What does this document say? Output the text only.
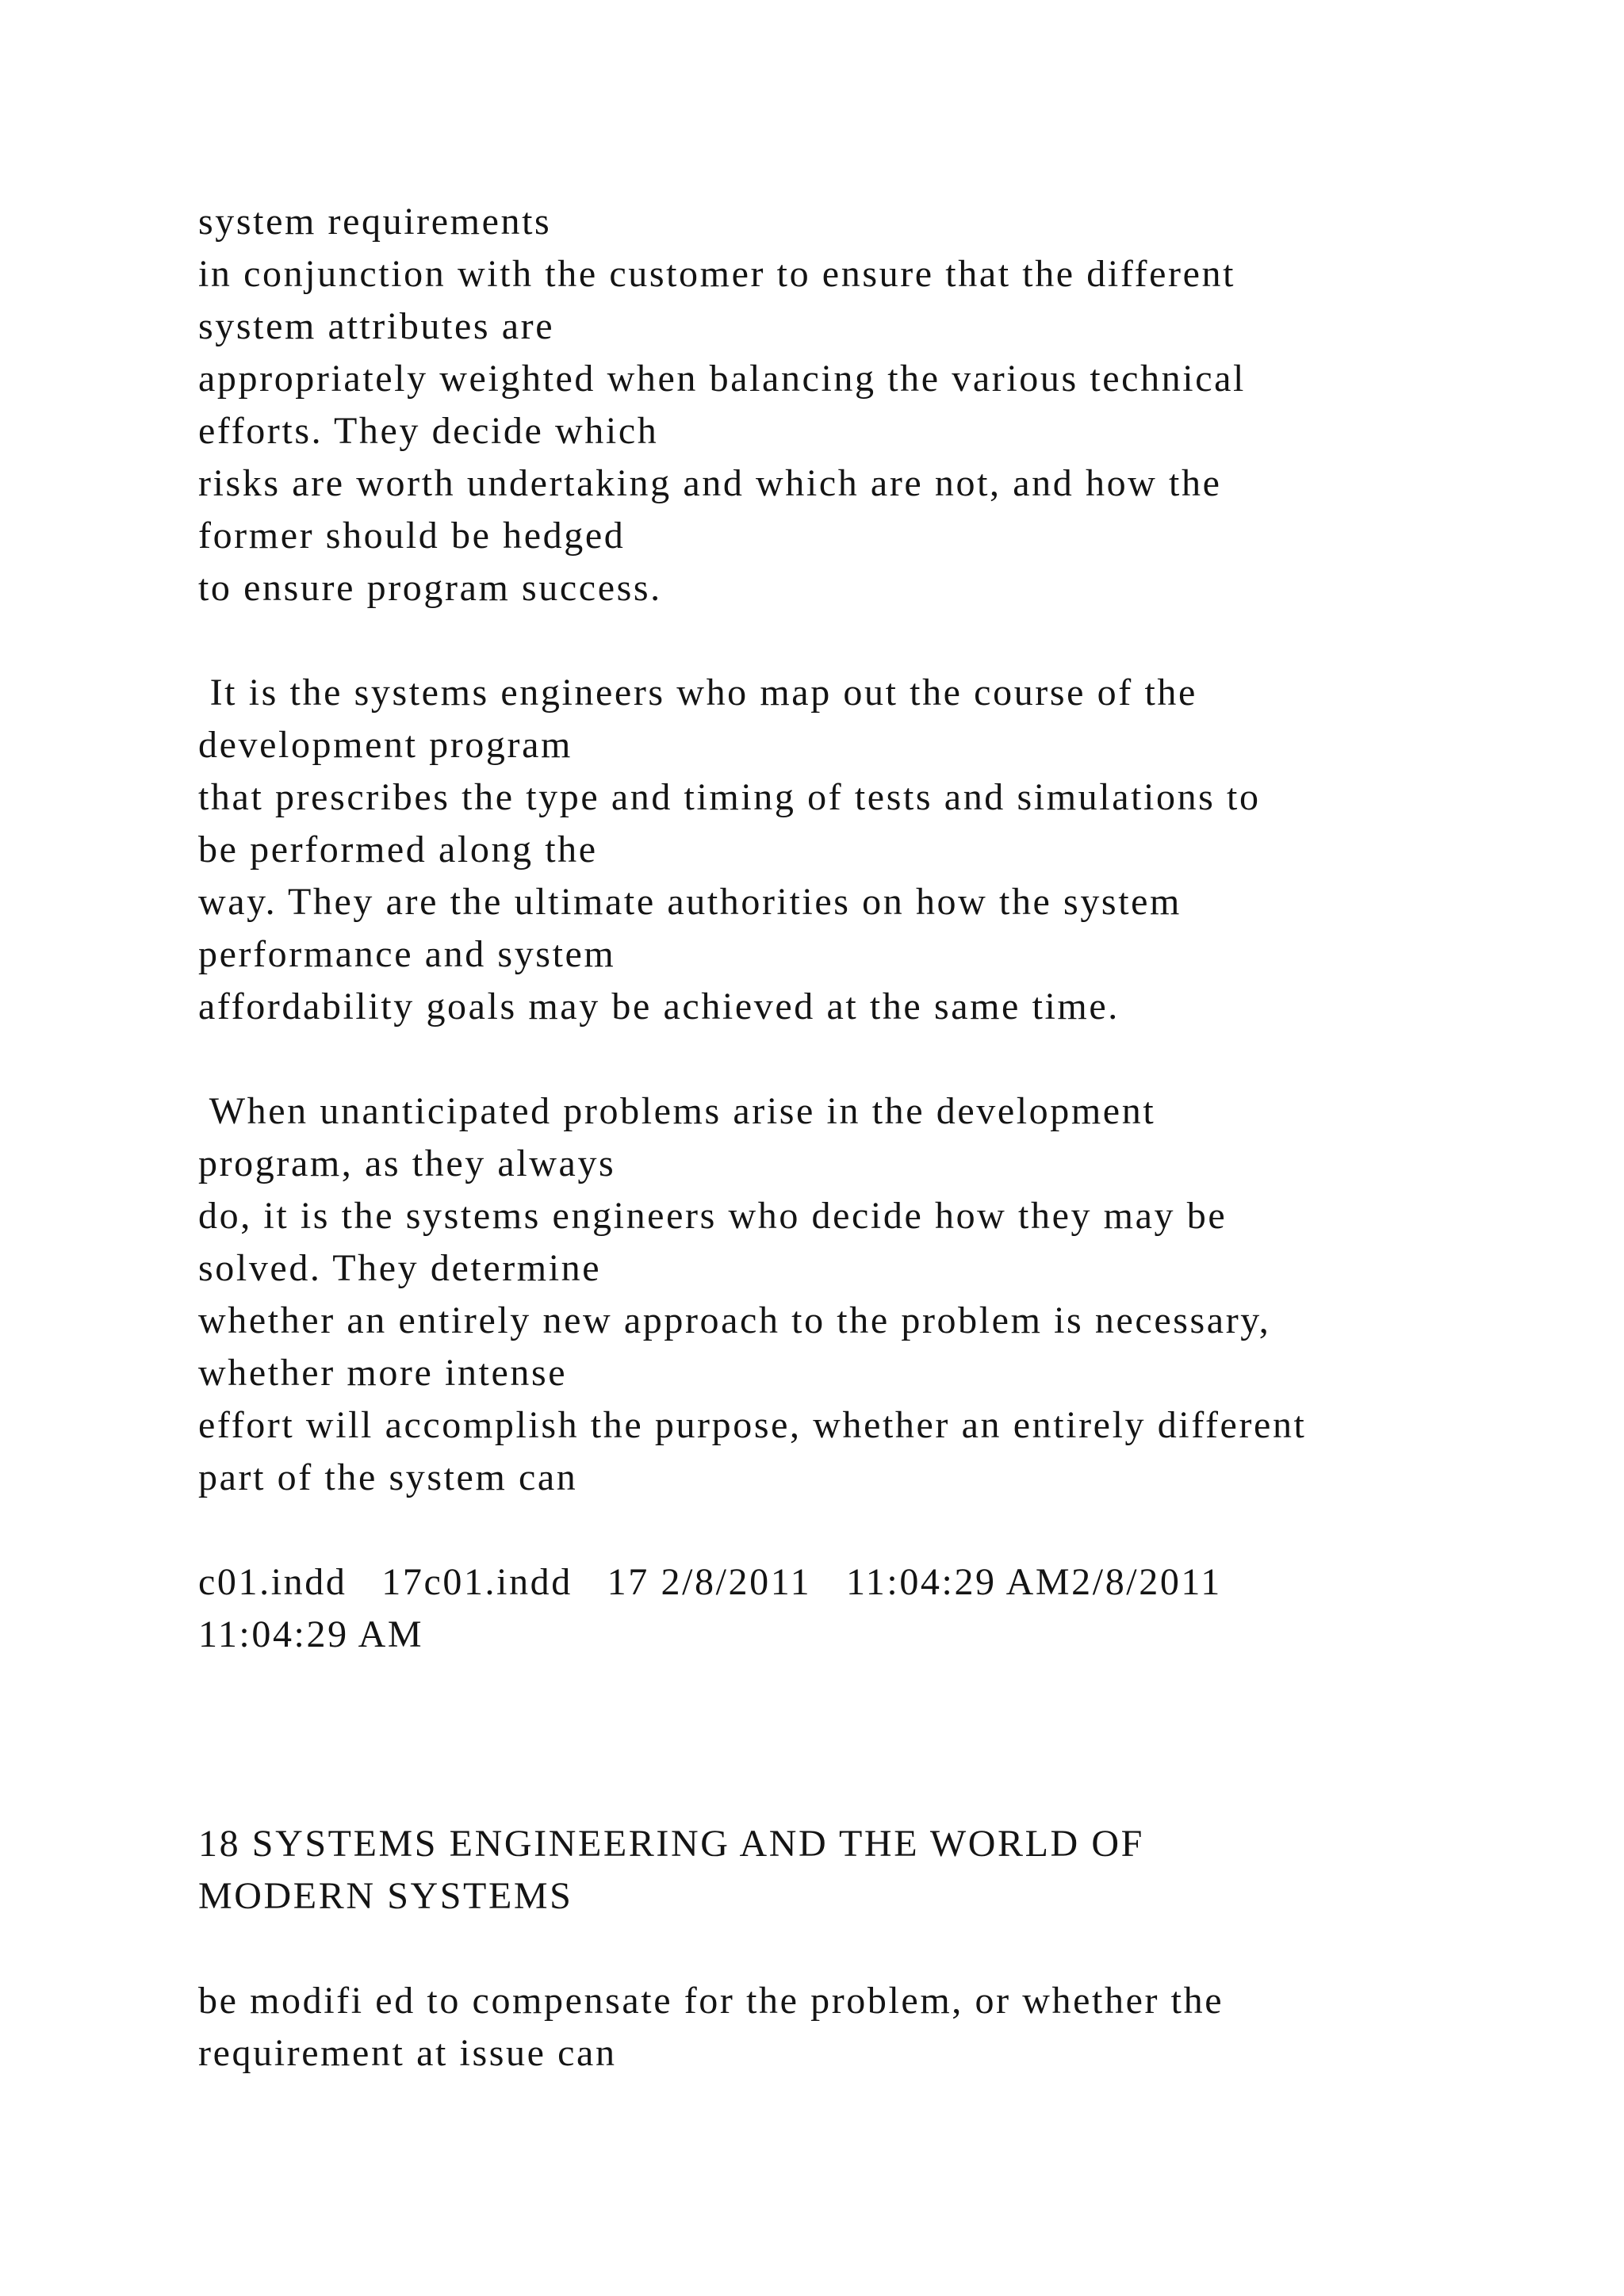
system requirements

in conjunction with the customer to ensure that the different

system attributes are

appropriately weighted when balancing the various technical

efforts. They decide which

risks are worth undertaking and which are not, and how the

former should be hedged

to ensure program success.

It is the systems engineers who map out the course of the

development program

that prescribes the type and timing of tests and simulations to

be performed along the

way. They are the ultimate authorities on how the system

performance and system

affordability goals may be achieved at the same time.

When unanticipated problems arise in the development

program, as they always

do, it is the systems engineers who decide how they may be

solved. They determine

whether an entirely new approach to the problem is necessary,

whether more intense

effort will accomplish the purpose, whether an entirely different

part of the system can

c01.indd   17c01.indd   17 2/8/2011   11:04:29 AM2/8/2011

11:04:29 AM

18 SYSTEMS ENGINEERING AND THE WORLD OF

MODERN SYSTEMS

be modifi ed to compensate for the problem, or whether the

requirement at issue can
